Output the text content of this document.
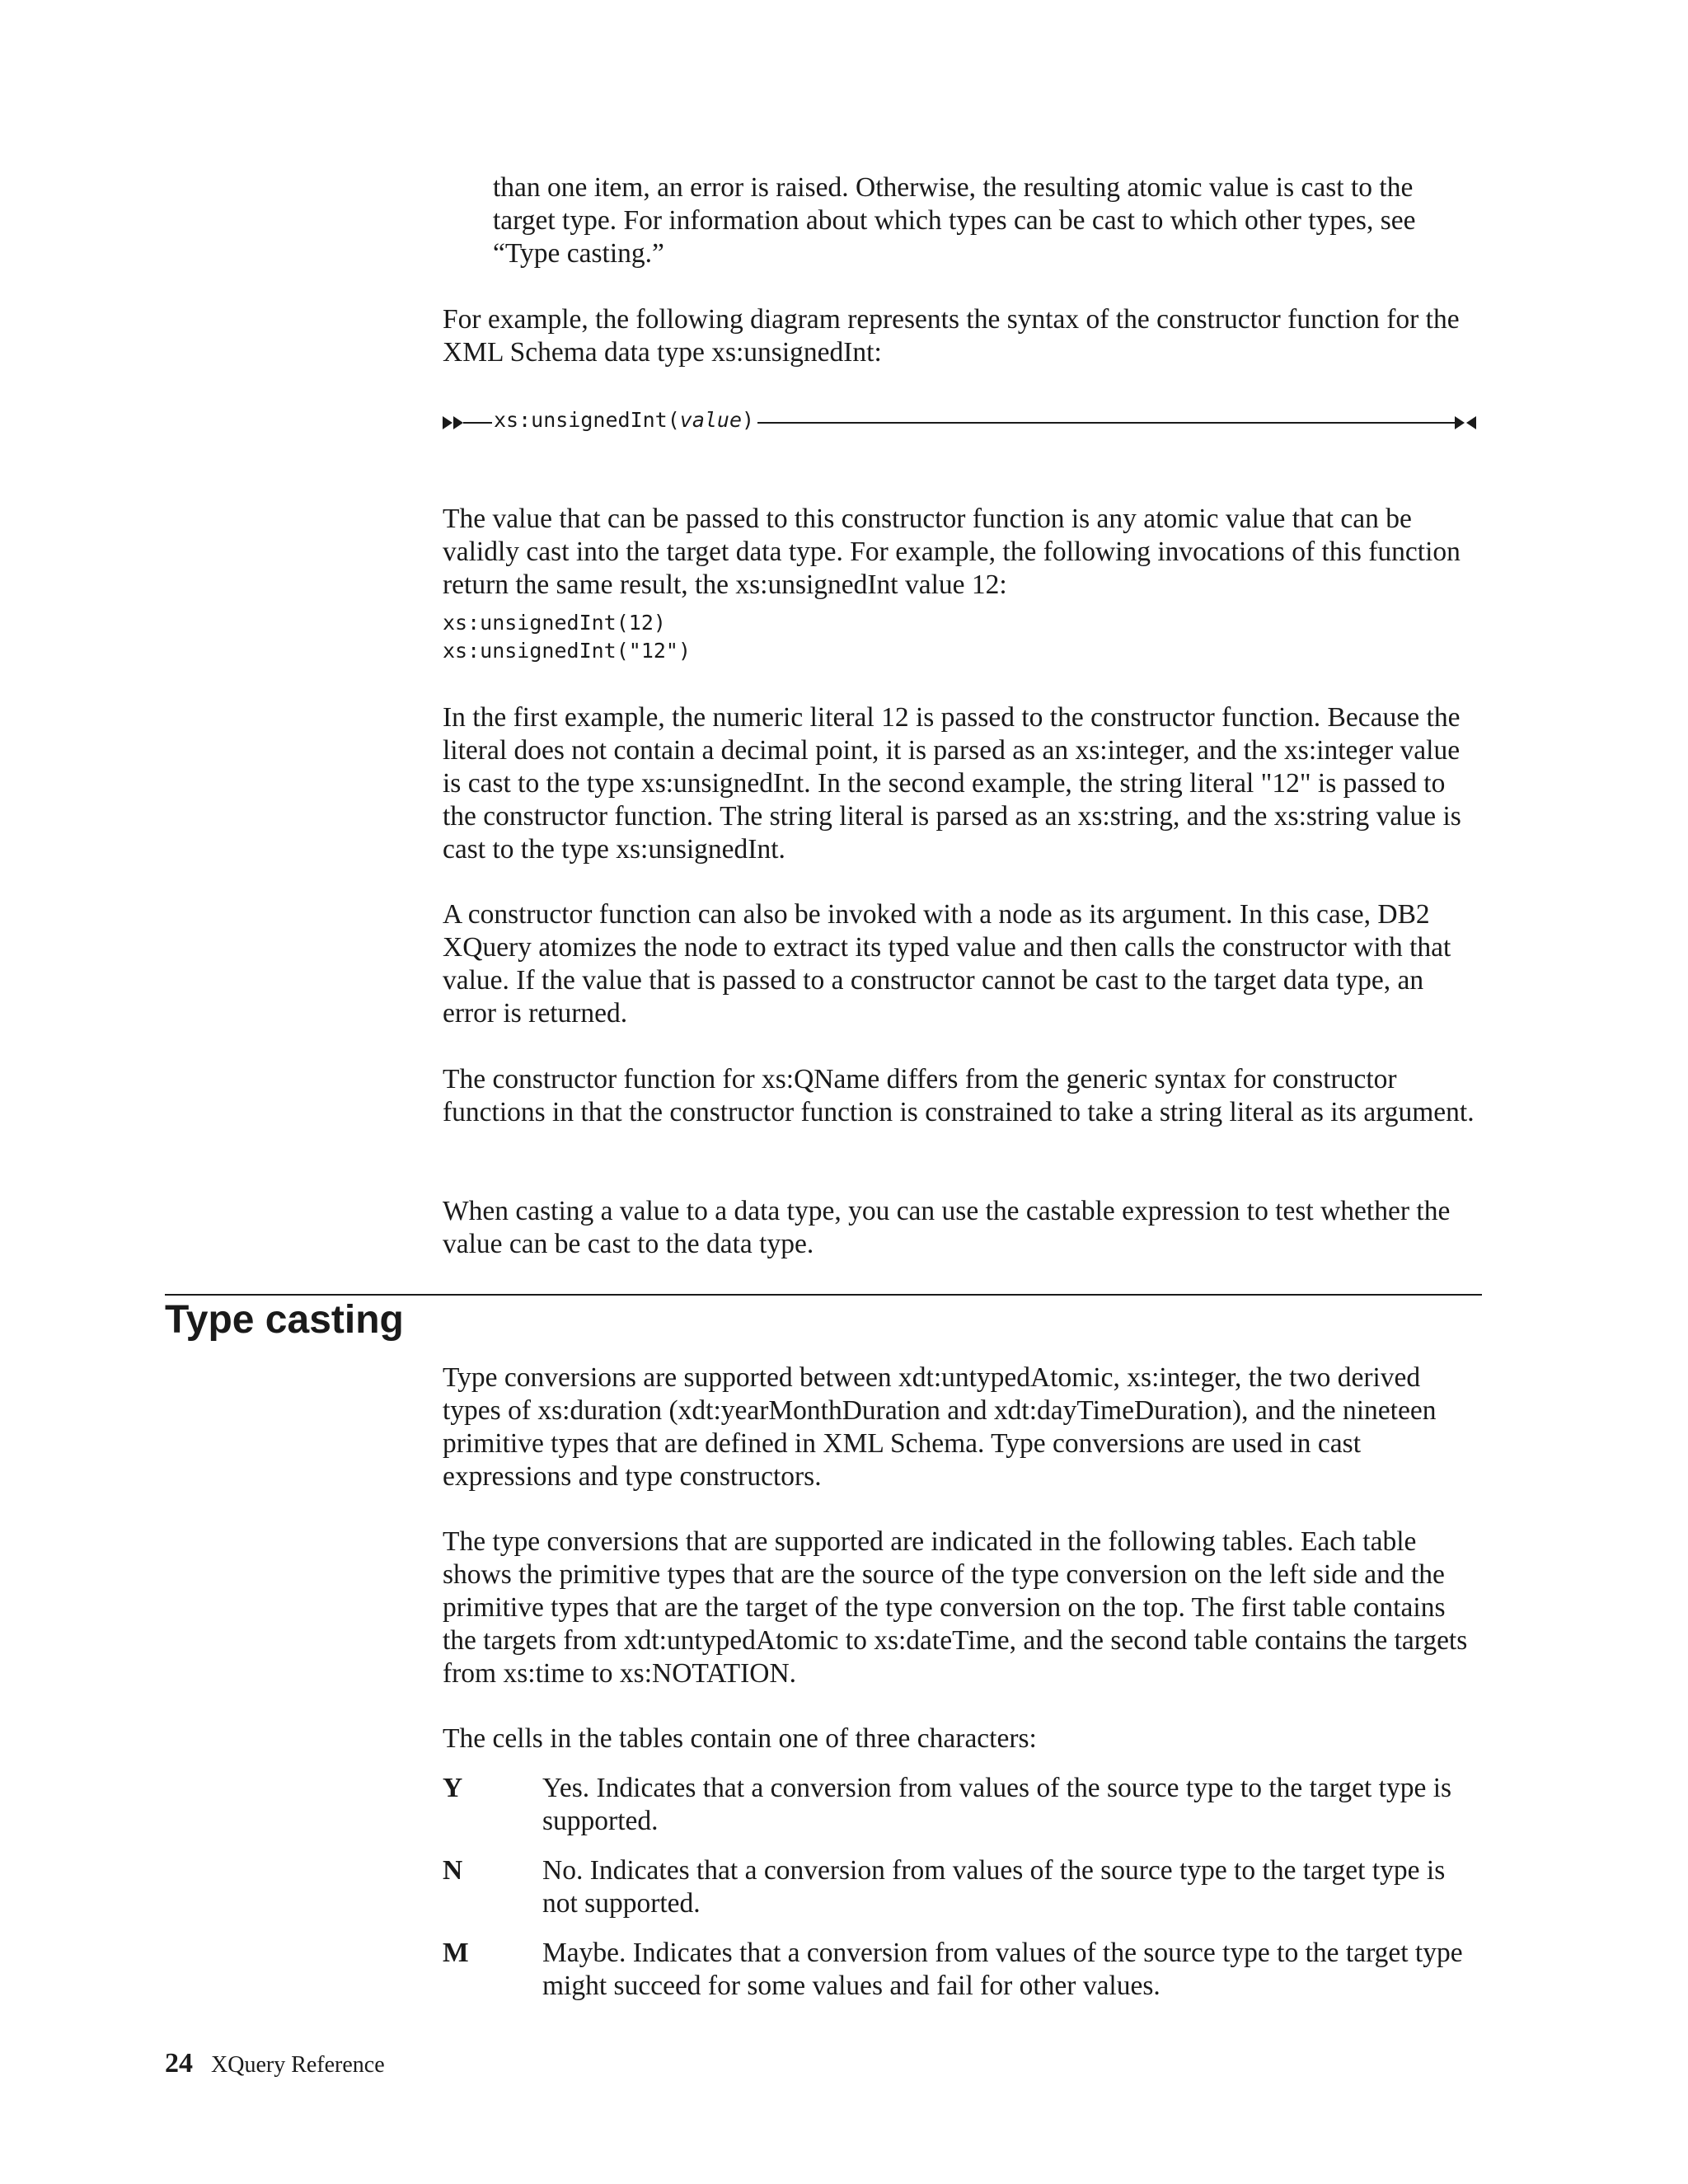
than one item, an error is raised. Otherwise, the resulting atomic value is cast to the target type. For information about which types can be cast to which other types, see “Type casting.”

For example, the following diagram represents the syntax of the constructor function for the XML Schema data type xs:unsignedInt:

xs:unsignedInt(value)

The value that can be passed to this constructor function is any atomic value that can be validly cast into the target data type. For example, the following invocations of this function return the same result, the xs:unsignedInt value 12:

xs:unsignedInt(12)

xs:unsignedInt("12")

In the first example, the numeric literal 12 is passed to the constructor function. Because the literal does not contain a decimal point, it is parsed as an xs:integer, and the xs:integer value is cast to the type xs:unsignedInt. In the second example, the string literal "12" is passed to the constructor function. The string literal is parsed as an xs:string, and the xs:string value is cast to the type xs:unsignedInt.

A constructor function can also be invoked with a node as its argument. In this case, DB2 XQuery atomizes the node to extract its typed value and then calls the constructor with that value. If the value that is passed to a constructor cannot be cast to the target data type, an error is returned.

The constructor function for xs:QName differs from the generic syntax for constructor functions in that the constructor function is constrained to take a string literal as its argument.

When casting a value to a data type, you can use the castable expression to test whether the value can be cast to the data type.

Type casting

Type conversions are supported between xdt:untypedAtomic, xs:integer, the two derived types of xs:duration (xdt:yearMonthDuration and xdt:dayTimeDuration), and the nineteen primitive types that are defined in XML Schema. Type conversions are used in cast expressions and type constructors.

The type conversions that are supported are indicated in the following tables. Each table shows the primitive types that are the source of the type conversion on the left side and the primitive types that are the target of the type conversion on the top. The first table contains the targets from xdt:untypedAtomic to xs:dateTime, and the second table contains the targets from xs:time to xs:NOTATION.

The cells in the tables contain one of three characters:

Y	Yes. Indicates that a conversion from values of the source type to the target type is supported.

N	No. Indicates that a conversion from values of the source type to the target type is not supported.

M	Maybe. Indicates that a conversion from values of the source type to the target type might succeed for some values and fail for other values.

24 XQuery Reference
